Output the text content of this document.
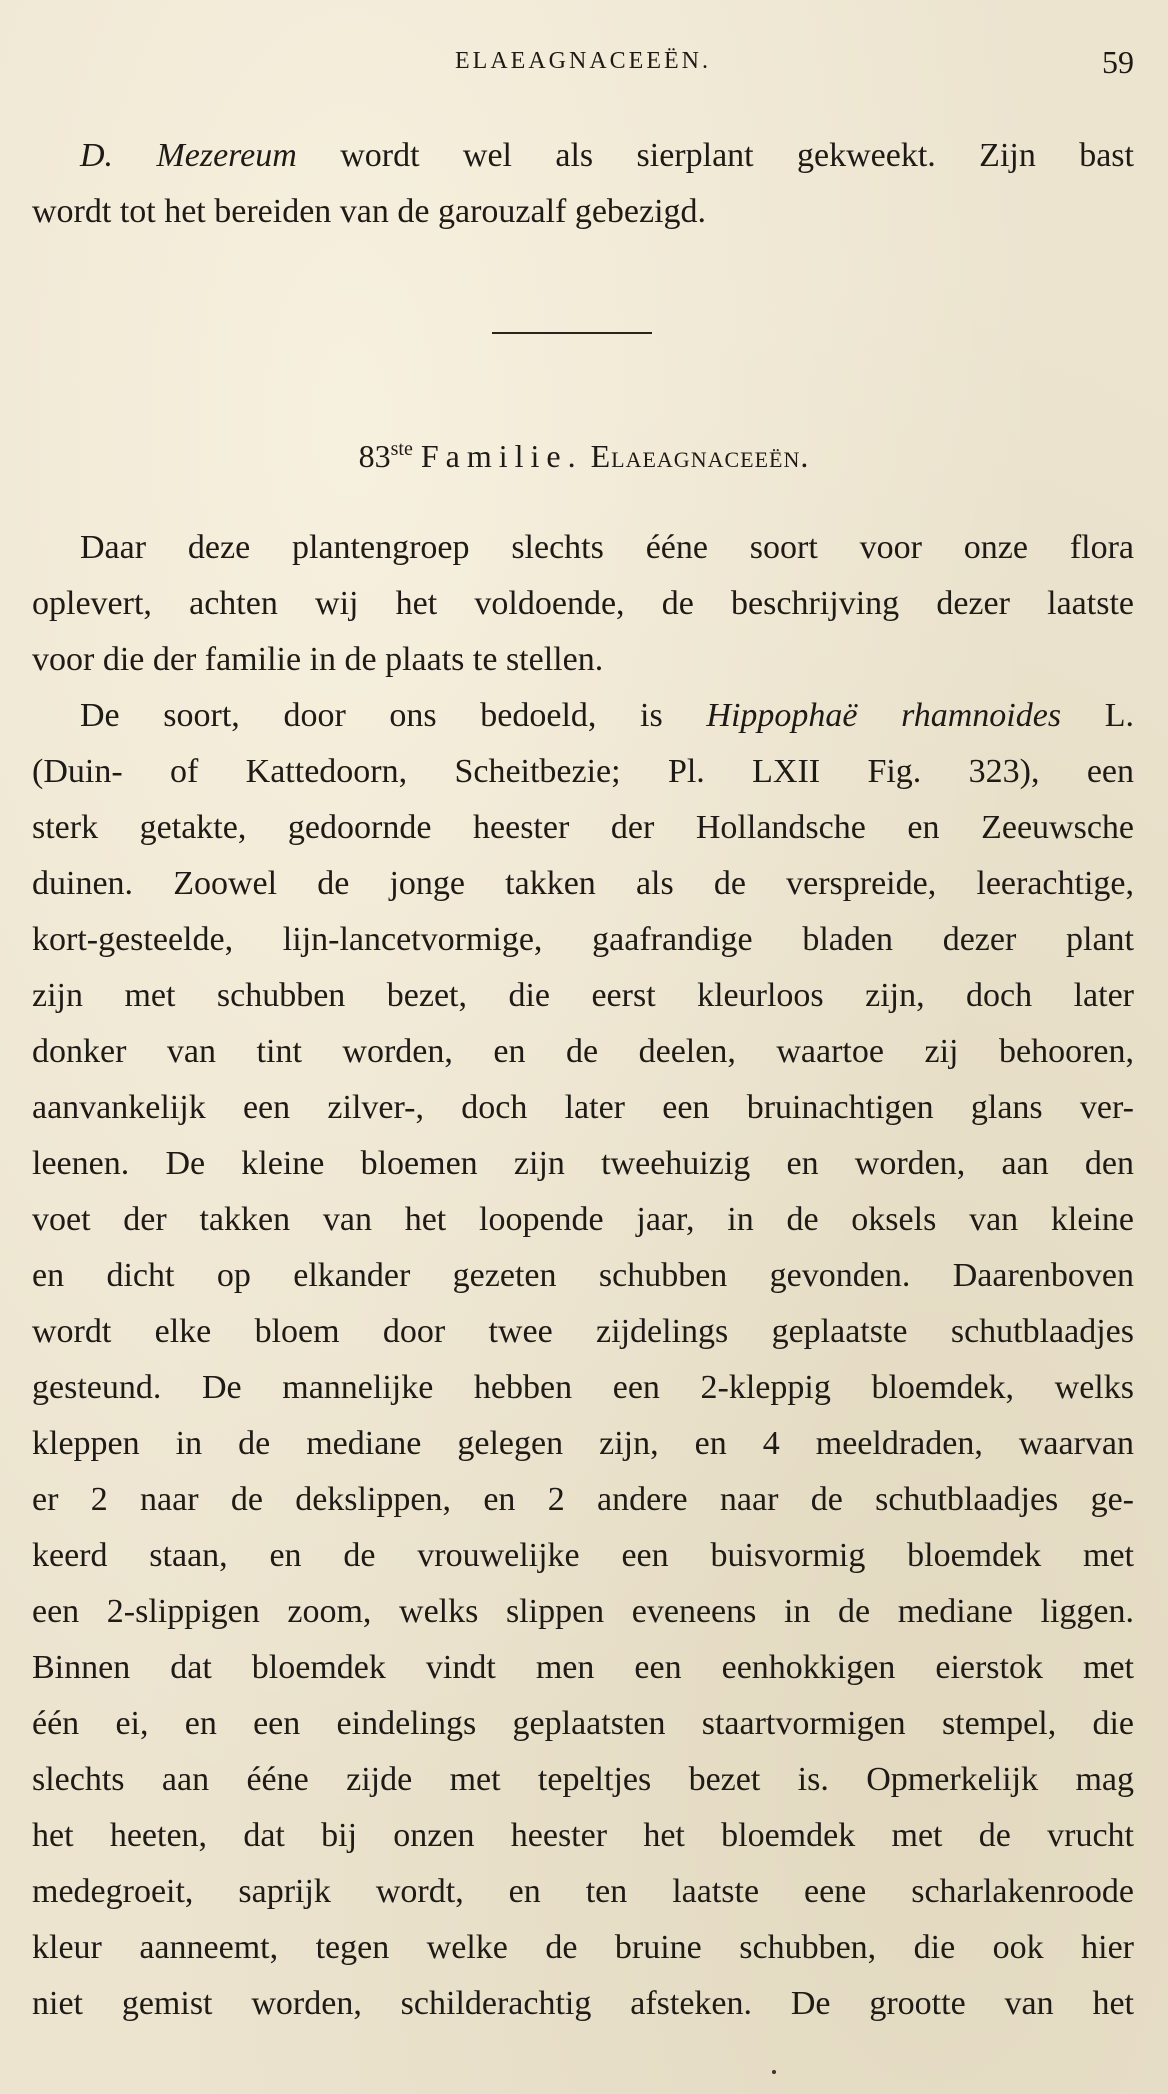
ELAEAGNACEEËN.	59
D. Mezereum wordt wel als sierplant gekweekt. Zijn bast
wordt tot het bereiden van de garouzalf gebezigd.
83ste Familie. Elaeagnaceeën.
Daar deze plantengroep slechts ééne soort voor onze flora
oplevert, achten wij het voldoende, de beschrijving dezer laatste
voor die der familie in de plaats te stellen.
De soort, door ons bedoeld, is Hippophaë rhamnoides L.
(Duin- of Kattedoorn, Scheitbezie; Pl. LXII Fig. 323), een
sterk getakte, gedoornde heester der Hollandsche en Zeeuwsche
duinen. Zoowel de jonge takken als de verspreide, leerachtige,
kort-gesteelde, lijn-lancetvormige, gaafrandige bladen dezer plant
zijn met schubben bezet, die eerst kleurloos zijn, doch later
donker van tint worden, en de deelen, waartoe zij behooren,
aanvankelijk een zilver-, doch later een bruinachtigen glans ver-
leenen. De kleine bloemen zijn tweehuizig en worden, aan den
voet der takken van het loopende jaar, in de oksels van kleine
en dicht op elkander gezeten schubben gevonden. Daarenboven
wordt elke bloem door twee zijdelings geplaatste schutblaadjes
gesteund. De mannelijke hebben een 2-kleppig bloemdek, welks
kleppen in de mediane gelegen zijn, en 4 meeldraden, waarvan
er 2 naar de dekslippen, en 2 andere naar de schutblaadjes ge-
keerd staan, en de vrouwelijke een buisvormig bloemdek met
een 2-slippigen zoom, welks slippen eveneens in de mediane liggen.
Binnen dat bloemdek vindt men een eenhokkigen eierstok met
één ei, en een eindelings geplaatsten staartvormigen stempel, die
slechts aan ééne zijde met tepeltjes bezet is. Opmerkelijk mag
het heeten, dat bij onzen heester het bloemdek met de vrucht
medegroeit, saprijk wordt, en ten laatste eene scharlakenroode
kleur aanneemt, tegen welke de bruine schubben, die ook hier
niet gemist worden, schilderachtig afsteken. De grootte van het
